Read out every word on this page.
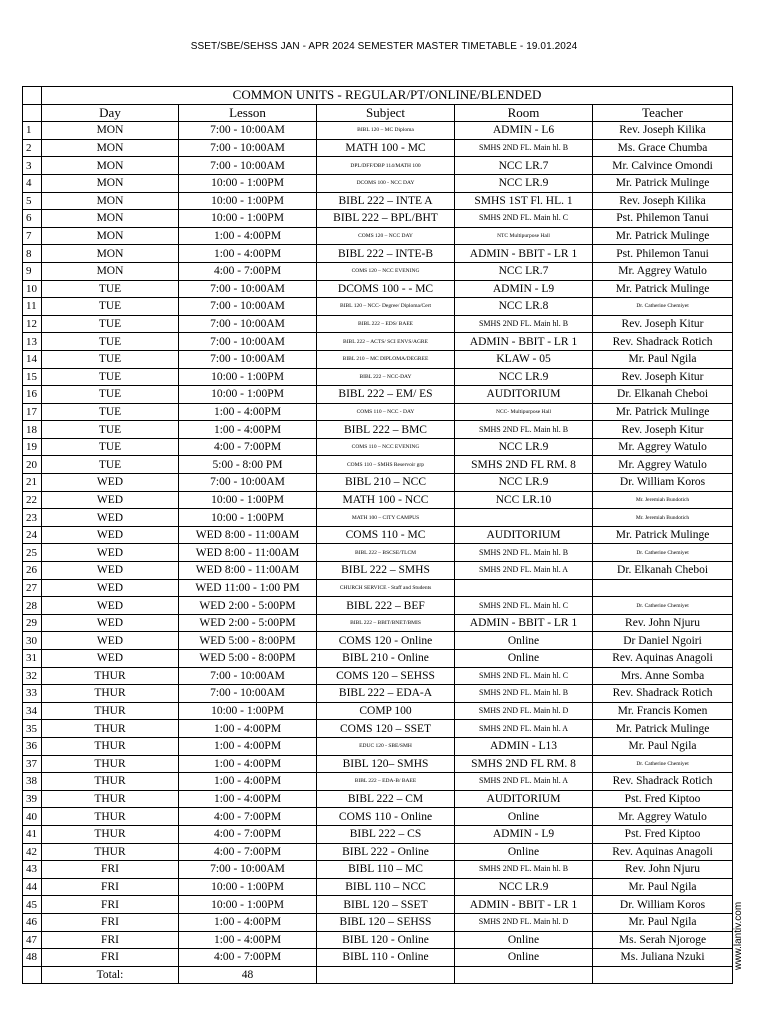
SSET/SBE/SEHSS JAN - APR 2024 SEMESTER MASTER TIMETABLE - 19.01.2024
	COMMON UNITS - REGULAR/PT/ONLINE/BLENDED				
	Day	Lesson	Subject	Room	Teacher
1	MON	7:00 - 10:00AM	BIBL 120 – MC Diploma	ADMIN - L6	Rev. Joseph Kilika
2	MON	7:00 - 10:00AM	MATH 100 - MC	SMHS 2ND FL. Main hl. B	Ms. Grace Chumba
3	MON	7:00 - 10:00AM	DPL/DFF/DBP 114/MATH 100	NCC LR.7	Mr. Calvince Omondi
4	MON	10:00 - 1:00PM	DCOMS 100 - NCC DAY	NCC LR.9	Mr. Patrick Mulinge
5	MON	10:00 - 1:00PM	BIBL 222 – INTE A	SMHS 1ST Fl. HL. 1	Rev. Joseph Kilika
6	MON	10:00 - 1:00PM	BIBL 222 – BPL/BHT	SMHS 2ND FL. Main hl. C	Pst. Philemon Tanui
7	MON	1:00 - 4:00PM	COMS 120 – NCC DAY	NTC Multipurpose Hall	Mr. Patrick Mulinge
8	MON	1:00 - 4:00PM	BIBL 222 – INTE-B	ADMIN - BBIT - LR 1	Pst. Philemon Tanui
9	MON	4:00 - 7:00PM	COMS 120 – NCC EVENING	NCC LR.7	Mr. Aggrey Watulo
10	TUE	7:00 - 10:00AM	DCOMS 100 - - MC	ADMIN - L9	Mr. Patrick Mulinge
11	TUE	7:00 - 10:00AM	BIBL 120 – NCC- Degree/ Diploma/Cert	NCC LR.8	Dr. Catherine Chemiyet
12	TUE	7:00 - 10:00AM	BIBL 222 – EDS/ BAEE	SMHS 2ND FL. Main hl. B	Rev. Joseph Kitur
13	TUE	7:00 - 10:00AM	BIBL 222 – ACTS/ SCI ENVS/AGRE	ADMIN - BBIT - LR 1	Rev. Shadrack Rotich
14	TUE	7:00 - 10:00AM	BIBL 210 – MC DIPLOMA/DEGREE	KLAW - 05	Mr. Paul Ngila
15	TUE	10:00 - 1:00PM	BIBL 222 – NCC-DAY	NCC LR.9	Rev. Joseph Kitur
16	TUE	10:00 - 1:00PM	BIBL 222 – EM/ ES	AUDITORIUM	Dr. Elkanah Cheboi
17	TUE	1:00 - 4:00PM	COMS 110 – NCC - DAY	NCC- Multipurpose Hall	Mr. Patrick Mulinge
18	TUE	1:00 - 4:00PM	BIBL 222 – BMC	SMHS 2ND FL. Main hl. B	Rev. Joseph Kitur
19	TUE	4:00 - 7:00PM	COMS 110 – NCC EVENING	NCC LR.9	Mr. Aggrey Watulo
20	TUE	5:00 - 8:00 PM	COMS 110 – SMHS Reservoir grp	SMHS 2ND FL RM. 8	Mr. Aggrey Watulo
21	WED	7:00 - 10:00AM	BIBL 210 – NCC	NCC LR.9	Dr. William Koros
22	WED	10:00 - 1:00PM	MATH 100 - NCC	NCC LR.10	Mr. Jeremiah Bundotich
23	WED	10:00 - 1:00PM	MATH 100 – CITY CAMPUS		Mr. Jeremiah Bundotich
24	WED	WED 8:00 - 11:00AM	COMS 110 - MC	AUDITORIUM	Mr. Patrick Mulinge
25	WED	WED 8:00 - 11:00AM	BIBL 222 – BSCSE/TLCM	SMHS 2ND FL. Main hl. B	Dr. Catherine Chemiyet
26	WED	WED 8:00 - 11:00AM	BIBL 222 – SMHS	SMHS 2ND FL. Main hl. A	Dr. Elkanah Cheboi
27	WED	WED 11:00 - 1:00 PM	CHURCH SERVICE - Staff and Students		
28	WED	WED 2:00 - 5:00PM	BIBL 222 – BEF	SMHS 2ND FL. Main hl. C	Dr. Catherine Chemiyet
29	WED	WED 2:00 - 5:00PM	BIBL 222 – BBIT/BNET/BMIS	ADMIN - BBIT - LR 1	Rev. John Njuru
30	WED	WED 5:00 - 8:00PM	COMS 120 - Online	Online	Dr Daniel Ngoiri
31	WED	WED 5:00 - 8:00PM	BIBL 210 - Online	Online	Rev. Aquinas Anagoli
32	THUR	7:00 - 10:00AM	COMS 120 – SEHSS	SMHS 2ND FL. Main hl. C	Mrs. Anne Somba
33	THUR	7:00 - 10:00AM	BIBL 222 – EDA-A	SMHS 2ND FL. Main hl. B	Rev. Shadrack Rotich
34	THUR	10:00 - 1:00PM	COMP 100	SMHS 2ND FL. Main hl. D	Mr. Francis Komen
35	THUR	1:00 - 4:00PM	COMS 120 – SSET	SMHS 2ND FL. Main hl. A	Mr. Patrick Mulinge
36	THUR	1:00 - 4:00PM	EDUC 120 - SBE/SMH	ADMIN - L13	Mr. Paul Ngila
37	THUR	1:00 - 4:00PM	BIBL 120– SMHS	SMHS 2ND FL RM. 8	Dr. Catherine Chemiyet
38	THUR	1:00 - 4:00PM	BIBL 222 – EDA-B/ BAEE	SMHS 2ND FL. Main hl. A	Rev. Shadrack Rotich
39	THUR	1:00 - 4:00PM	BIBL 222 – CM	AUDITORIUM	Pst. Fred Kiptoo
40	THUR	4:00 - 7:00PM	COMS 110 - Online	Online	Mr. Aggrey Watulo
41	THUR	4:00 - 7:00PM	BIBL 222 – CS	ADMIN - L9	Pst. Fred Kiptoo
42	THUR	4:00 - 7:00PM	BIBL 222 - Online	Online	Rev. Aquinas Anagoli
43	FRI	7:00 - 10:00AM	BIBL 110 – MC	SMHS 2ND FL. Main hl. B	Rev. John Njuru
44	FRI	10:00 - 1:00PM	BIBL 110 – NCC	NCC LR.9	Mr. Paul Ngila
45	FRI	10:00 - 1:00PM	BIBL 120 – SSET	ADMIN - BBIT - LR 1	Dr. William Koros
46	FRI	1:00 - 4:00PM	BIBL 120 – SEHSS	SMHS 2ND FL. Main hl. D	Mr. Paul Ngila
47	FRI	1:00 - 4:00PM	BIBL 120 - Online	Online	Ms. Serah Njoroge
48	FRI	4:00 - 7:00PM	BIBL 110 - Online	Online	Ms. Juliana Nzuki
	Total:	48			
www.lantiv.com
